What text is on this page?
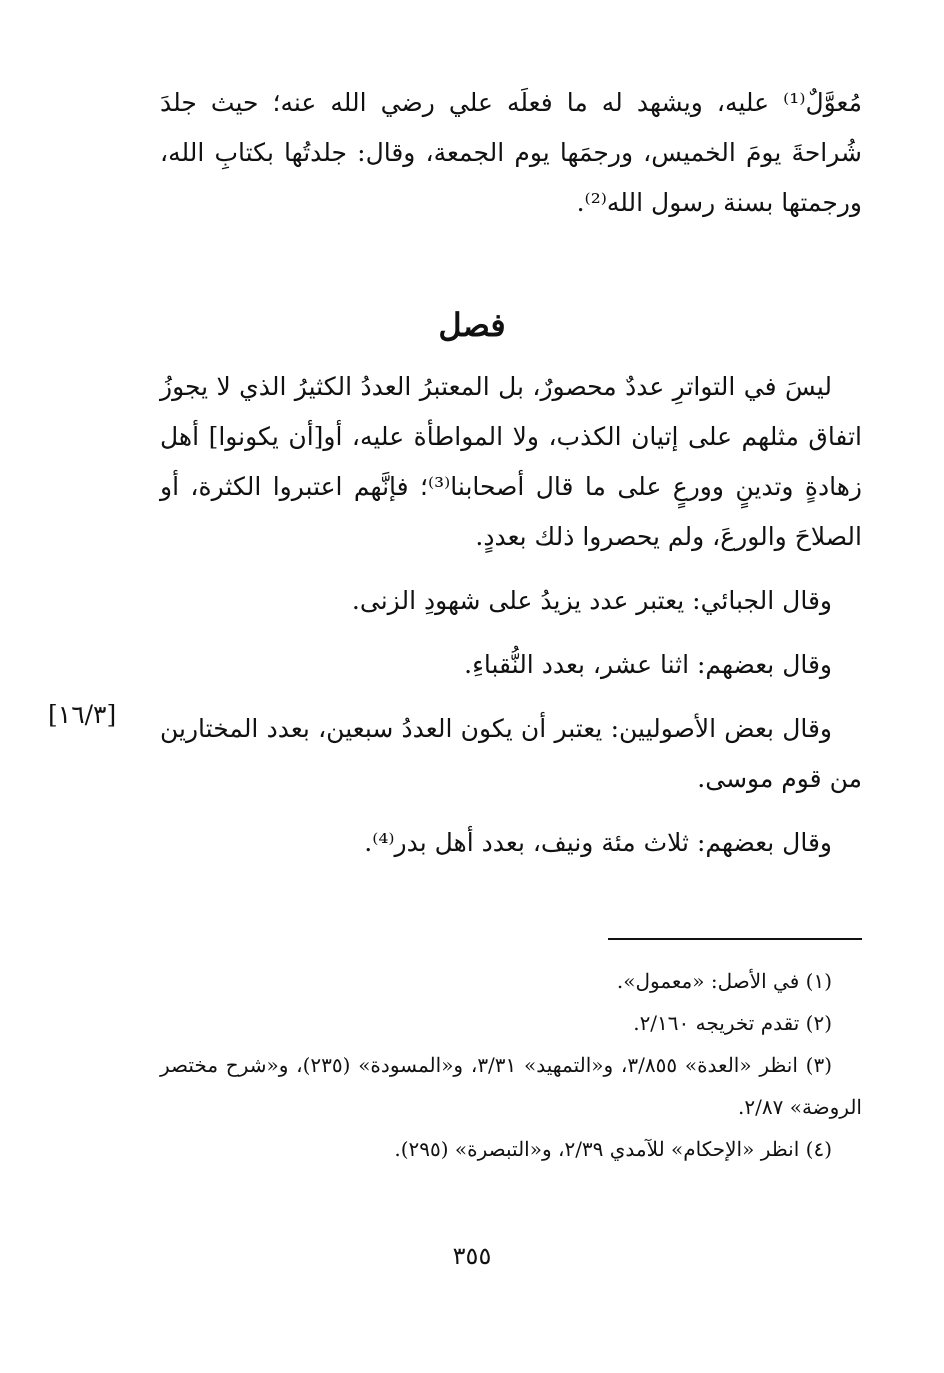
مُعوَّلٌ⁽¹⁾ عليه، ويشهد له ما فعلَه علي رضي الله عنه؛ حيث جلدَ شُراحةَ يومَ الخميس، ورجمَها يوم الجمعة، وقال: جلدتُها بكتابِ الله، ورجمتها بسنة رسول الله⁽²⁾.

فصل

ليسَ في التواترِ عددٌ محصورٌ، بل المعتبرُ العددُ الكثيرُ الذي لا يجوزُ اتفاق مثلهم على إتيان الكذب، ولا المواطأة عليه، أو[أن يكونوا] أهل زهادةٍ وتدينٍ وورعٍ على ما قال أصحابنا⁽³⁾؛ فإنَّهم اعتبروا الكثرة، أو الصلاحَ والورعَ، ولم يحصروا ذلك بعددٍ.

وقال الجبائي: يعتبر عدد يزيدُ على شهودِ الزنى.

وقال بعضهم: اثنا عشر، بعدد النُّقباءِ.

وقال بعض الأصوليين: يعتبر أن يكون العددُ سبعين، بعدد المختارين من قوم موسى.

وقال بعضهم: ثلاث مئة ونيف، بعدد أهل بدر⁽⁴⁾.

[١٦/٣]

(١) في الأصل: «معمول».

(٢) تقدم تخريجه ٢/١٦٠.

(٣) انظر «العدة» ٣/٨٥٥، و«التمهيد» ٣/٣١، و«المسودة» (٢٣٥)، و«شرح مختصر الروضة» ٢/٨٧.

(٤) انظر «الإحكام» للآمدي ٢/٣٩، و«التبصرة» (٢٩٥).

٣٥٥
